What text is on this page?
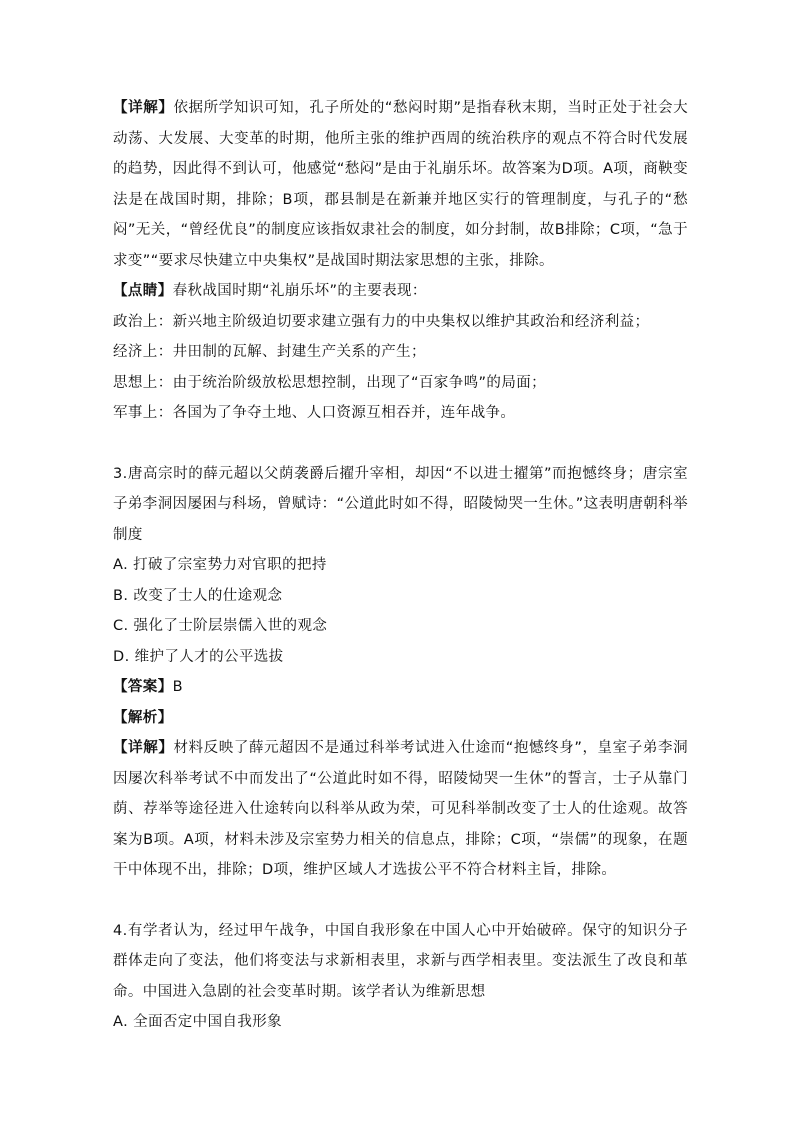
【详解】依据所学知识可知，孔子所处的“愁闷时期”是指春秋末期，当时正处于社会大动荡、大发展、大变革的时期，他所主张的维护西周的统治秩序的观点不符合时代发展的趋势，因此得不到认可，他感觉“愁闷”是由于礼崩乐坏。故答案为D项。A项，商鞅变法是在战国时期，排除；B项，郡县制是在新兼并地区实行的管理制度，与孔子的“愁闷”无关，“曾经优良”的制度应该指奴隶社会的制度，如分封制，故B排除；C项，“急于求变”“要求尽快建立中央集权”是战国时期法家思想的主张，排除。

【点睛】春秋战国时期“礼崩乐坏”的主要表现：

政治上：新兴地主阶级迫切要求建立强有力的中央集权以维护其政治和经济利益；

经济上：井田制的瓦解、封建生产关系的产生；

思想上：由于统治阶级放松思想控制，出现了“百家争鸣”的局面；

军事上：各国为了争夺土地、人口资源互相吞并，连年战争。

3.唐高宗时的薛元超以父荫袭爵后擢升宰相，却因“不以进士擢第”而抱憾终身；唐宗室子弟李洞因屡困与科场，曾赋诗：“公道此时如不得，昭陵恸哭一生休。”这表明唐朝科举制度

A. 打破了宗室势力对官职的把持

B. 改变了士人的仕途观念

C. 强化了士阶层崇儒入世的观念

D. 维护了人才的公平选拔

【答案】B

【解析】

【详解】材料反映了薛元超因不是通过科举考试进入仕途而“抱憾终身”，皇室子弟李洞因屡次科举考试不中而发出了“公道此时如不得，昭陵恸哭一生休”的誓言，士子从靠门荫、荐举等途径进入仕途转向以科举从政为荣，可见科举制改变了士人的仕途观。故答案为B项。A项，材料未涉及宗室势力相关的信息点，排除；C项，“崇儒”的现象，在题干中体现不出，排除；D项，维护区域人才选拔公平不符合材料主旨，排除。

4.有学者认为，经过甲午战争，中国自我形象在中国人心中开始破碎。保守的知识分子群体走向了变法，他们将变法与求新相表里，求新与西学相表里。变法派生了改良和革命。中国进入急剧的社会变革时期。该学者认为维新思想

A. 全面否定中国自我形象
